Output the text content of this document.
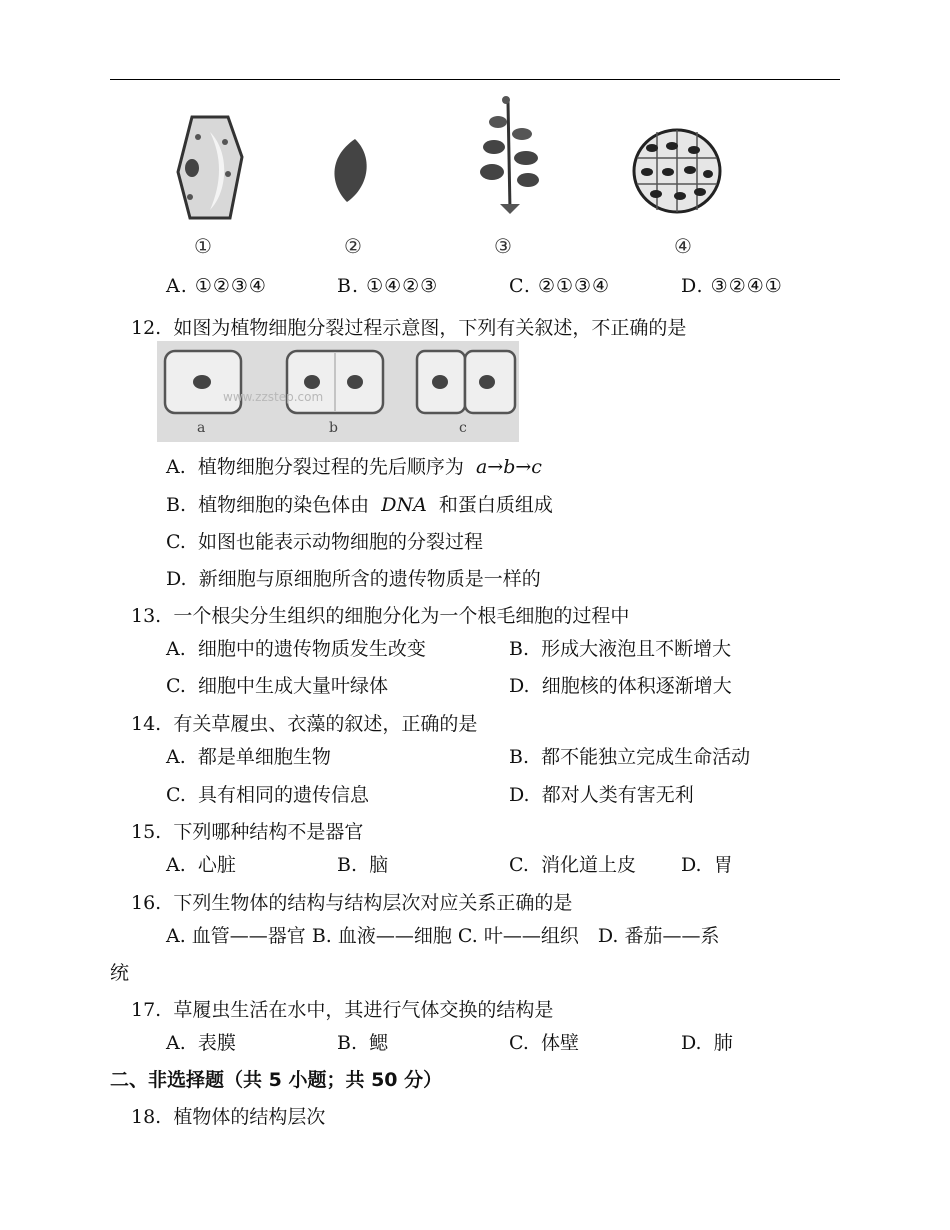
①	②	③	④
A. ①②③④	B. ①④②③	C. ②①③④	D. ③②④①
12. 如图为植物细胞分裂过程示意图，下列有关叙述，不正确的是
www.zzstep.com
a	b	c
A. 植物细胞分裂过程的先后顺序为 a→b→c
B. 植物细胞的染色体由 DNA 和蛋白质组成
C. 如图也能表示动物细胞的分裂过程
D. 新细胞与原细胞所含的遗传物质是一样的
13. 一个根尖分生组织的细胞分化为一个根毛细胞的过程中
A. 细胞中的遗传物质发生改变	B. 形成大液泡且不断增大
C. 细胞中生成大量叶绿体	D. 细胞核的体积逐渐增大
14. 有关草履虫、衣藻的叙述，正确的是
A. 都是单细胞生物	B. 都不能独立完成生命活动
C. 具有相同的遗传信息	D. 都对人类有害无利
15. 下列哪种结构不是器官
A. 心脏	B. 脑	C. 消化道上皮 D. 胃
16. 下列生物体的结构与结构层次对应关系正确的是
A. 血管——器官 B. 血液——细胞 C. 叶——组织　D. 番茄——系
统
17. 草履虫生活在水中，其进行气体交换的结构是
A. 表膜	B. 鳃	C. 体壁	D. 肺
二、非选择题（共 5 小题；共 50 分）
18. 植物体的结构层次
